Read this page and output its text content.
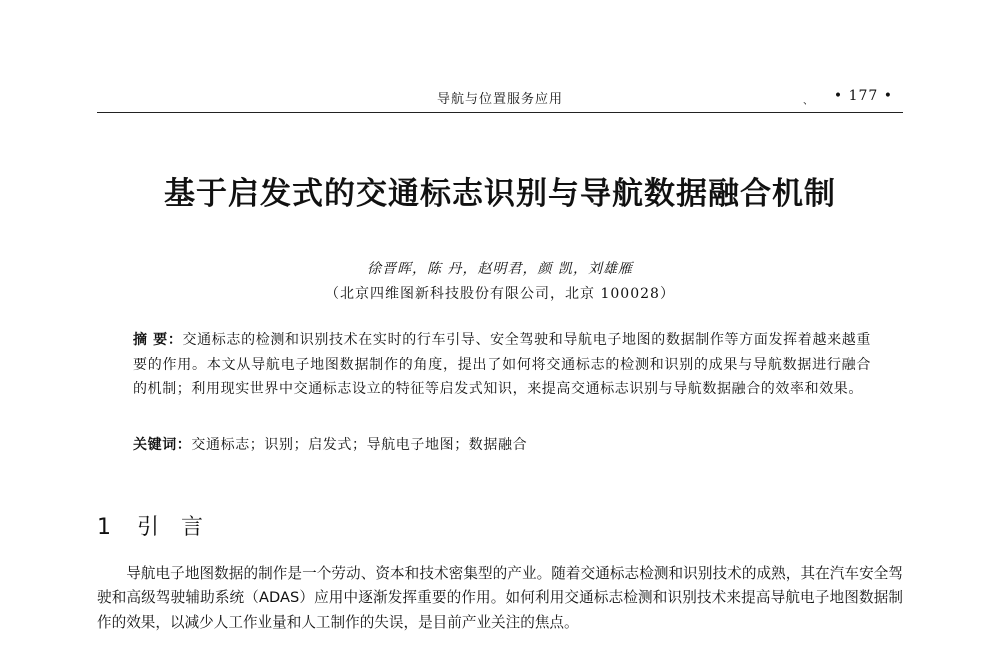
导航与位置服务应用	、 • 177 •
基于启发式的交通标志识别与导航数据融合机制
徐晋晖，陈 丹，赵明君，颜 凯，刘雄雁
（北京四维图新科技股份有限公司，北京 100028）
摘 要：交通标志的检测和识别技术在实时的行车引导、安全驾驶和导航电子地图的数据制作等方面发挥着越来越重要的作用。本文从导航电子地图数据制作的角度，提出了如何将交通标志的检测和识别的成果与导航数据进行融合的机制；利用现实世界中交通标志设立的特征等启发式知识，来提高交通标志识别与导航数据融合的效率和效果。
关键词：交通标志；识别；启发式；导航电子地图；数据融合
1 引 言

导航电子地图数据的制作是一个劳动、资本和技术密集型的产业。随着交通标志检测和识别技术的成熟，其在汽车安全驾驶和高级驾驶辅助系统（ADAS）应用中逐渐发挥重要的作用。如何利用交通标志检测和识别技术来提高导航电子地图数据制作的效果，以减少人工作业量和人工制作的失误，是目前产业关注的焦点。
